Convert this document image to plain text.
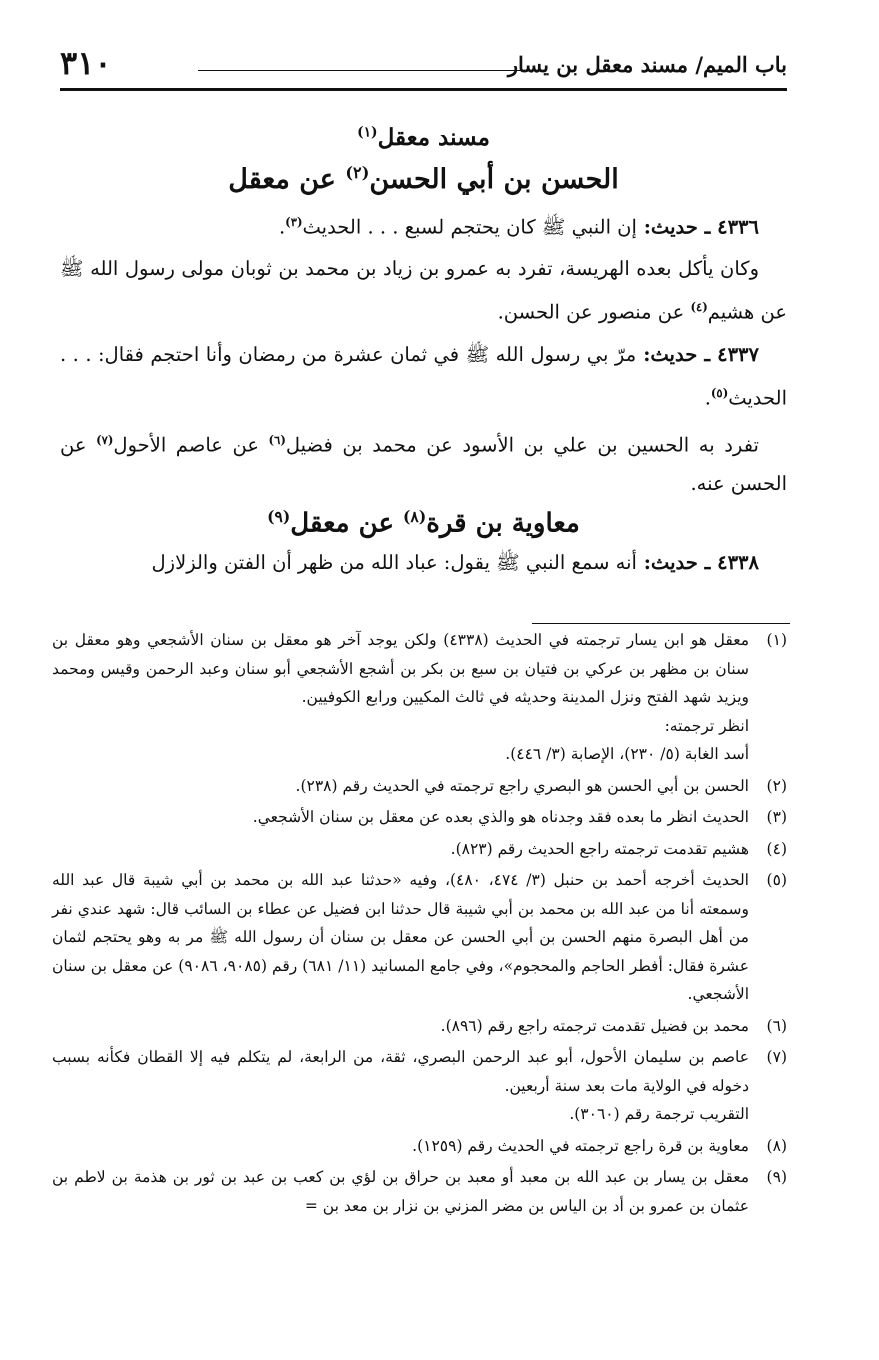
باب الميم/ مسند معقل بن يسار
٣١٠
مسند معقل$^{(١)}$
الحسن بن أبي الحسن$^{(٢)}$ عن معقل
٤٣٣٦ ـ حديث: إن النبي ﷺ كان يحتجم لسبع . . . الحديث$^{(٣)}$.
وكان يأكل بعده الهريسة، تفرد به عمرو بن زياد بن محمد بن ثوبان مولى رسول الله ﷺ عن هشيم$^{(٤)}$ عن منصور عن الحسن.
٤٣٣٧ ـ حديث: مرّ بي رسول الله ﷺ في ثمان عشرة من رمضان وأنا احتجم فقال: . . . الحديث$^{(٥)}$.
تفرد به الحسين بن علي بن الأسود عن محمد بن فضيل$^{(٦)}$ عن عاصم الأحول$^{(٧)}$ عن الحسن عنه.
معاوية بن قرة$^{(٨)}$ عن معقل$^{(٩)}$
٤٣٣٨ ـ حديث: أنه سمع النبي ﷺ يقول: عباد الله من ظهر أن الفتن والزلازل
(١)
معقل هو ابن يسار ترجمته في الحديث (٤٣٣٨) ولكن يوجد آخر هو معقل بن سنان الأشجعي وهو معقل بن سنان بن مظهر بن عركي بن فتيان بن سبع بن بكر بن أشجع الأشجعي أبو سنان وعبد الرحمن وقيس ومحمد ويزيد شهد الفتح ونزل المدينة وحديثه في ثالث المكيين ورابع الكوفيين.
انظر ترجمته:
أسد الغابة (٥/ ٢٣٠)، الإصابة (٣/ ٤٤٦).
(٢)
الحسن بن أبي الحسن هو البصري راجع ترجمته في الحديث رقم (٢٣٨).
(٣)
الحديث انظر ما بعده فقد وجدناه هو والذي بعده عن معقل بن سنان الأشجعي.
(٤)
هشيم تقدمت ترجمته راجع الحديث رقم (٨٢٣).
(٥)
الحديث أخرجه أحمد بن حنبل (٣/ ٤٧٤، ٤٨٠)، وفيه «حدثنا عبد الله بن محمد بن أبي شيبة قال عبد الله وسمعته أنا من عبد الله بن محمد بن أبي شيبة قال حدثنا ابن فضيل عن عطاء بن السائب قال: شهد عندي نفر من أهل البصرة منهم الحسن بن أبي الحسن عن معقل بن سنان أن رسول الله ﷺ مر به وهو يحتجم لثمان عشرة فقال: أفطر الحاجم والمحجوم»، وفي جامع المسانيد (١١/ ٦٨١) رقم (٩٠٨٥، ٩٠٨٦) عن معقل بن سنان الأشجعي.
(٦)
محمد بن فضيل تقدمت ترجمته راجع رقم (٨٩٦).
(٧)
عاصم بن سليمان الأحول، أبو عبد الرحمن البصري، ثقة، من الرابعة، لم يتكلم فيه إلا القطان فكأنه بسبب دخوله في الولاية مات بعد سنة أربعين.
التقريب ترجمة رقم (٣٠٦٠).
(٨)
معاوية بن قرة راجع ترجمته في الحديث رقم (١٢٥٩).
(٩)
معقل بن يسار بن عبد الله بن معبد أو معبد بن حراق بن لؤي بن كعب بن عبد بن ثور بن هذمة بن لاطم بن عثمان بن عمرو بن أد بن الياس بن مضر المزني بن نزار بن معد بن =
